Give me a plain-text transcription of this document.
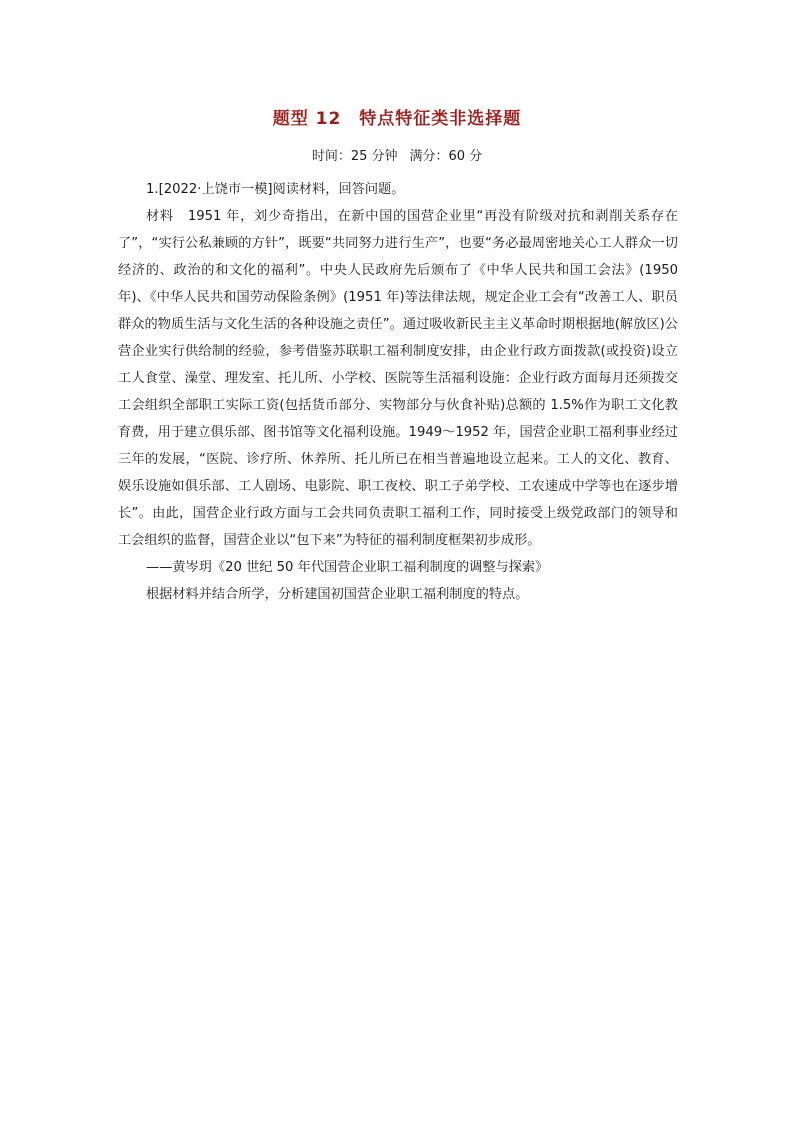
题型 12 特点特征类非选择题
时间：25 分钟 满分：60 分

1.[2022·上饶市一模]阅读材料，回答问题。

材料 1951 年，刘少奇指出，在新中国的国营企业里“再没有阶级对抗和剥削关系存在了”，“实行公私兼顾的方针”，既要“共同努力进行生产”，也要“务必最周密地关心工人群众一切经济的、政治的和文化的福利”。中央人民政府先后颁布了《中华人民共和国工会法》(1950 年)、《中华人民共和国劳动保险条例》(1951 年)等法律法规，规定企业工会有“改善工人、职员群众的物质生活与文化生活的各种设施之责任”。通过吸收新民主主义革命时期根据地(解放区)公营企业实行供给制的经验，参考借鉴苏联职工福利制度安排，由企业行政方面拨款(或投资)设立工人食堂、澡堂、理发室、托儿所、小学校、医院等生活福利设施：企业行政方面每月还须拨交工会组织全部职工实际工资(包括货币部分、实物部分与伙食补贴)总额的 1.5%作为职工文化教育费，用于建立俱乐部、图书馆等文化福利设施。1949～1952 年，国营企业职工福利事业经过三年的发展，“医院、诊疗所、休养所、托儿所已在相当普遍地设立起来。工人的文化、教育、娱乐设施如俱乐部、工人剧场、电影院、职工夜校、职工子弟学校、工农速成中学等也在逐步增长”。由此，国营企业行政方面与工会共同负责职工福利工作，同时接受上级党政部门的领导和工会组织的监督，国营企业以“包下来”为特征的福利制度框架初步成形。

——黄岑玥《20 世纪 50 年代国营企业职工福利制度的调整与探索》

根据材料并结合所学，分析建国初国营企业职工福利制度的特点。
